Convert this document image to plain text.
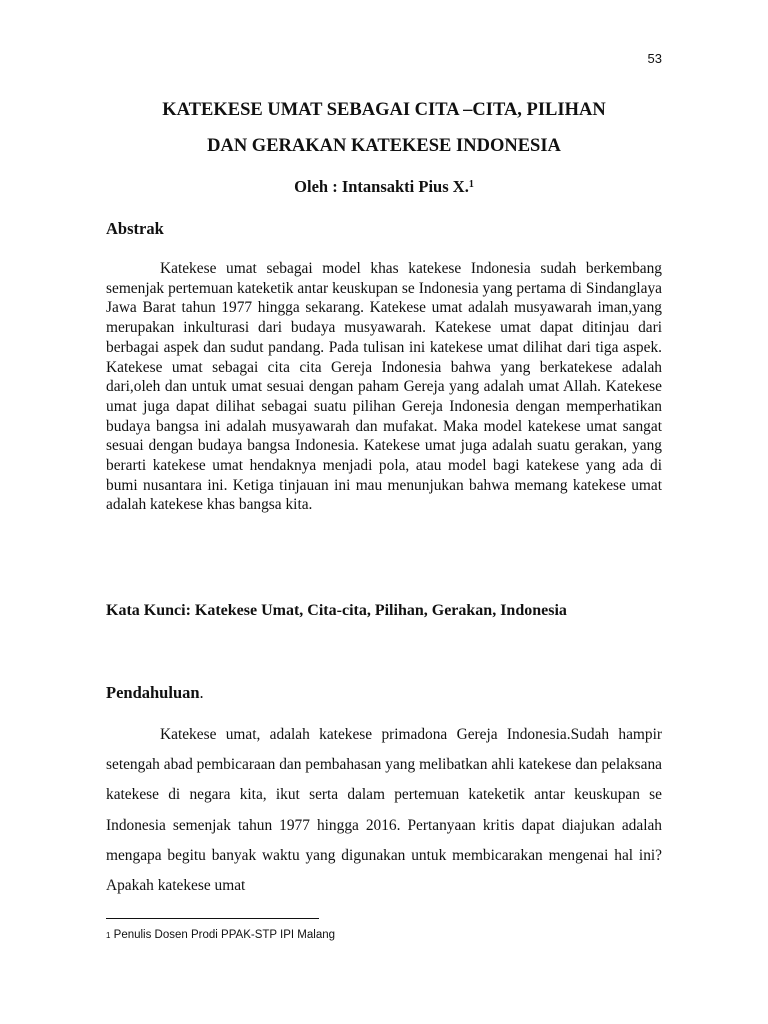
53
KATEKESE UMAT SEBAGAI CITA –CITA, PILIHAN
DAN GERAKAN KATEKESE INDONESIA
Oleh : Intansakti Pius X.$^1$
Abstrak

Katekese umat sebagai model khas katekese Indonesia sudah berkembang semenjak pertemuan kateketik antar keuskupan se Indonesia yang pertama di Sindanglaya Jawa Barat tahun 1977 hingga sekarang. Katekese umat adalah musyawarah iman,yang merupakan inkulturasi dari budaya musyawarah. Katekese umat dapat ditinjau dari berbagai aspek dan sudut pandang. Pada tulisan ini katekese umat dilihat dari tiga aspek. Katekese umat sebagai cita cita Gereja Indonesia bahwa yang berkatekese adalah dari,oleh dan untuk umat sesuai dengan paham Gereja yang adalah umat Allah. Katekese umat juga dapat dilihat sebagai suatu pilihan Gereja Indonesia dengan memperhatikan budaya bangsa ini adalah musyawarah dan mufakat. Maka model katekese umat sangat sesuai dengan budaya bangsa Indonesia. Katekese umat juga adalah suatu gerakan, yang berarti katekese umat hendaknya menjadi pola, atau model bagi katekese yang ada di bumi nusantara ini. Ketiga tinjauan ini mau menunjukan bahwa memang katekese umat adalah katekese khas bangsa kita.

Kata Kunci: Katekese Umat, Cita-cita, Pilihan, Gerakan, Indonesia
Pendahuluan.

Katekese umat, adalah katekese primadona Gereja Indonesia.Sudah hampir setengah abad pembicaraan dan pembahasan yang melibatkan ahli katekese dan pelaksana katekese di negara kita, ikut serta dalam pertemuan kateketik antar keuskupan se Indonesia semenjak tahun 1977 hingga 2016. Pertanyaan kritis dapat diajukan adalah mengapa begitu banyak waktu yang digunakan untuk membicarakan mengenai hal ini? Apakah katekese umat

$^1$ Penulis Dosen Prodi PPAK-STP IPI Malang
